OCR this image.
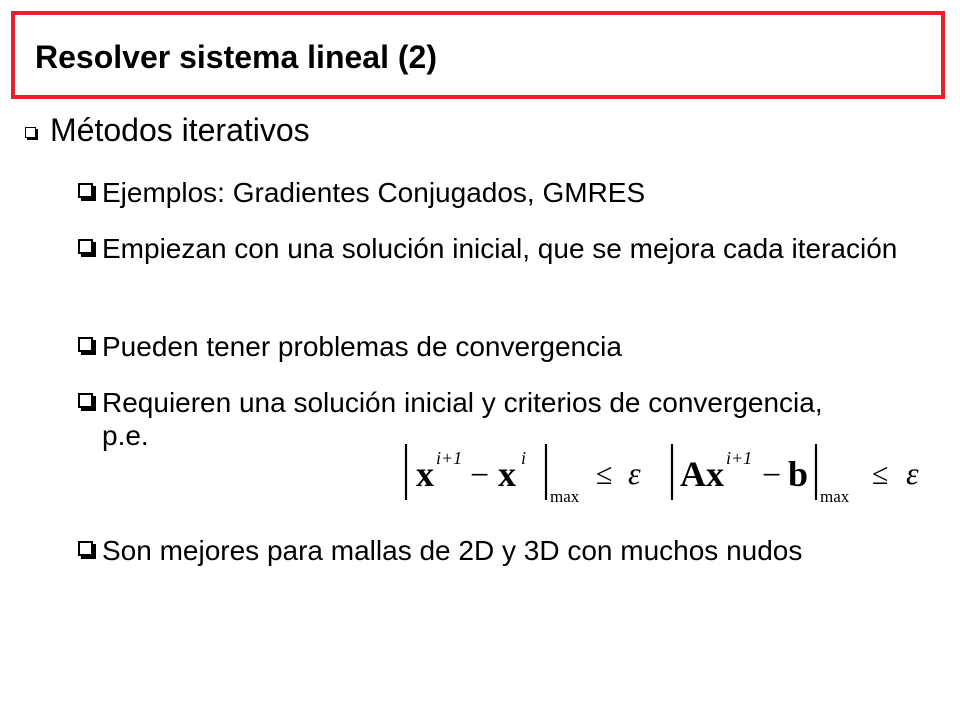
Resolver sistema lineal (2)
Métodos iterativos
Ejemplos: Gradientes Conjugados, GMRES
Empiezan con una solución inicial, que se mejora cada iteración
Pueden tener problemas de convergencia
Requieren una solución inicial y criterios de convergencia, p.e.
x i+1 − x i
max
≤ ε A x i+1 − b
max
≤ ε
Son mejores para mallas de 2D y 3D con muchos nudos
